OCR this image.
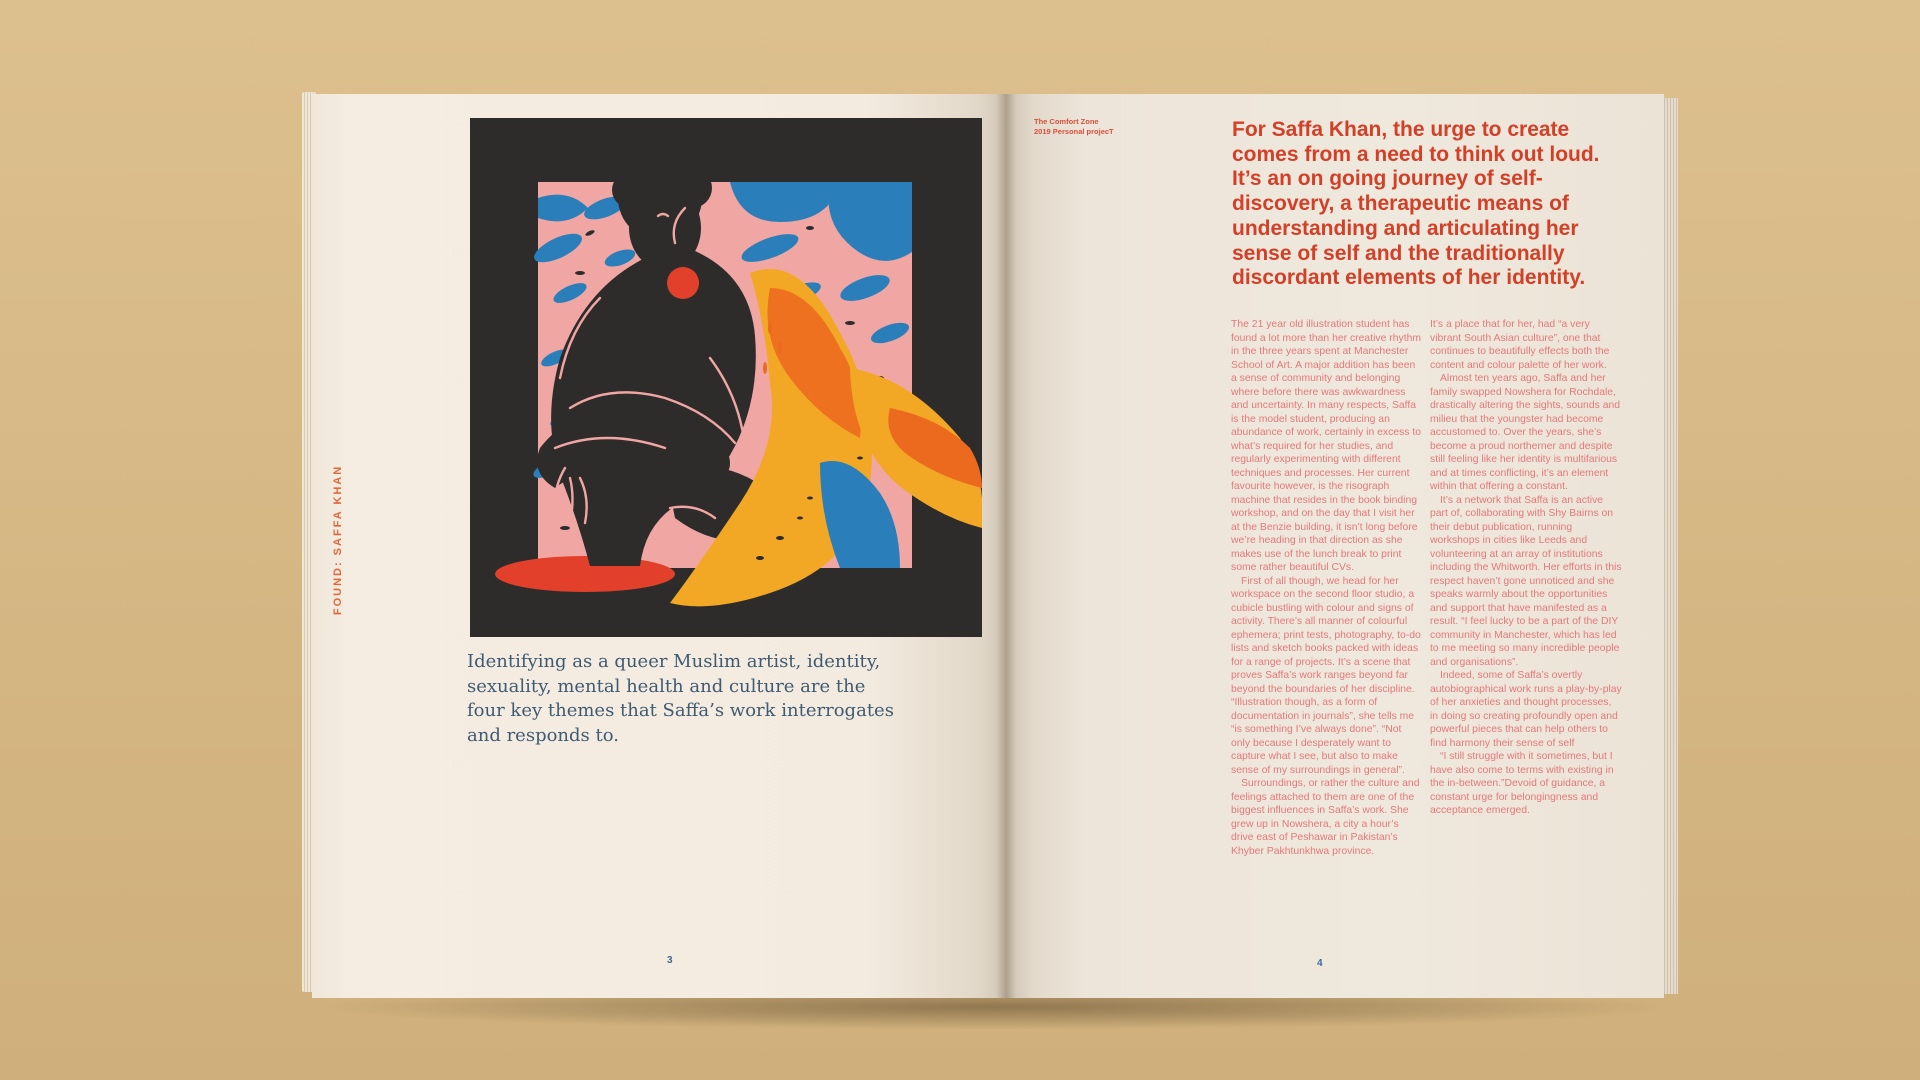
FOUND: SAFFA KHAN
Identifying as a queer Muslim artist, identity, sexuality, mental health and culture are the four key themes that Saffa’s work interrogates and responds to.
3
The Comfort Zone
2019 Personal projecT	For Saffa Khan, the urge to create comes from a need to think out loud. It’s an on going journey of self-discovery, a therapeutic means of understanding and articulating her sense of self and the traditionally discordant elements of her identity.

The 21 year old illustration student has found a lot more than her creative rhythm in the three years spent at Manchester School of Art. A major addition has been a sense of community and belonging where before there was awkwardness and uncertainty. In many respects, Saffa is the model student, producing an abundance of work, certainly in excess to what’s required for her studies, and regularly experimenting with different techniques and processes. Her current favourite however, is the risograph machine that resides in the book binding workshop, and on the day that I visit her at the Benzie building, it isn’t long before we’re heading in that direction as she makes use of the lunch break to print some rather beautiful CVs.

First of all though, we head for her workspace on the second floor studio, a cubicle bustling with colour and signs of activity. There’s all manner of colourful ephemera; print tests, photography, to-do lists and sketch books packed with ideas for a range of projects. It’s a scene that proves Saffa’s work ranges beyond far beyond the boundaries of her discipline. “Illustration though, as a form of documentation in journals”, she tells me “is something I’ve always done”. “Not only because I desperately want to capture what I see, but also to make sense of my surroundings in general”.

Surroundings, or rather the culture and feelings attached to them are one of the biggest influences in Saffa’s work. She grew up in Nowshera, a city a hour’s drive east of Peshawar in Pakistan’s Khyber Pakhtunkhwa province.

It’s a place that for her, had “a very vibrant South Asian culture”, one that continues to beautifully effects both the content and colour palette of her work.

Almost ten years ago, Saffa and her family swapped Nowshera for Rochdale, drastically altering the sights, sounds and milieu that the youngster had become accustomed to. Over the years, she’s become a proud northerner and despite still feeling like her identity is multifarious and at times conflicting, it’s an element within that offering a constant.

It’s a network that Saffa is an active part of, collaborating with Shy Bairns on their debut publication, running workshops in cities like Leeds and volunteering at an array of institutions including the Whitworth. Her efforts in this respect haven’t gone unnoticed and she speaks warmly about the opportunities and support that have manifested as a result. “I feel lucky to be a part of the DIY community in Manchester, which has led to me meeting so many incredible people and organisations”.

Indeed, some of Saffa’s overtly autobiographical work runs a play-by-play of her anxieties and thought processes, in doing so creating profoundly open and powerful pieces that can help others to find harmony their sense of self

“I still struggle with it sometimes, but I have also come to terms with existing in the in-between.”Devoid of guidance, a constant urge for belongingness and acceptance emerged.

4
